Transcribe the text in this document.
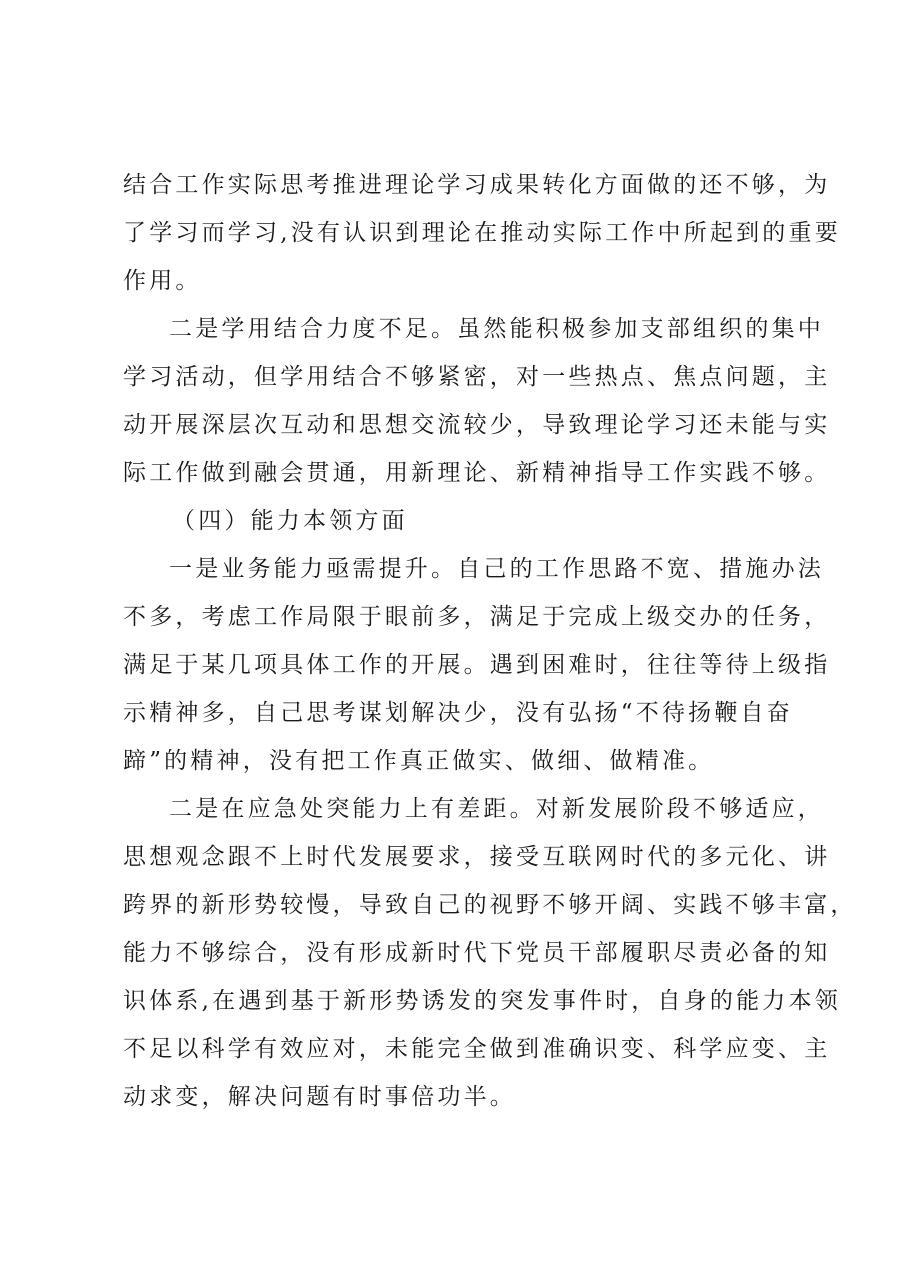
结合工作实际思考推进理论学习成果转化方面做的还不够，为
了学习而学习,没有认识到理论在推动实际工作中所起到的重要
作用。
二是学用结合力度不足。虽然能积极参加支部组织的集中
学习活动，但学用结合不够紧密，对一些热点、焦点问题，主
动开展深层次互动和思想交流较少，导致理论学习还未能与实
际工作做到融会贯通，用新理论、新精神指导工作实践不够。
（四）能力本领方面
一是业务能力亟需提升。自己的工作思路不宽、措施办法
不多，考虑工作局限于眼前多，满足于完成上级交办的任务，
满足于某几项具体工作的开展。遇到困难时，往往等待上级指
示精神多，自己思考谋划解决少，没有弘扬“不待扬鞭自奋
蹄”的精神，没有把工作真正做实、做细、做精准。
二是在应急处突能力上有差距。对新发展阶段不够适应，
思想观念跟不上时代发展要求，接受互联网时代的多元化、讲
跨界的新形势较慢，导致自己的视野不够开阔、实践不够丰富，
能力不够综合，没有形成新时代下党员干部履职尽责必备的知
识体系,在遇到基于新形势诱发的突发事件时，自身的能力本领
不足以科学有效应对，未能完全做到准确识变、科学应变、主
动求变，解决问题有时事倍功半。
